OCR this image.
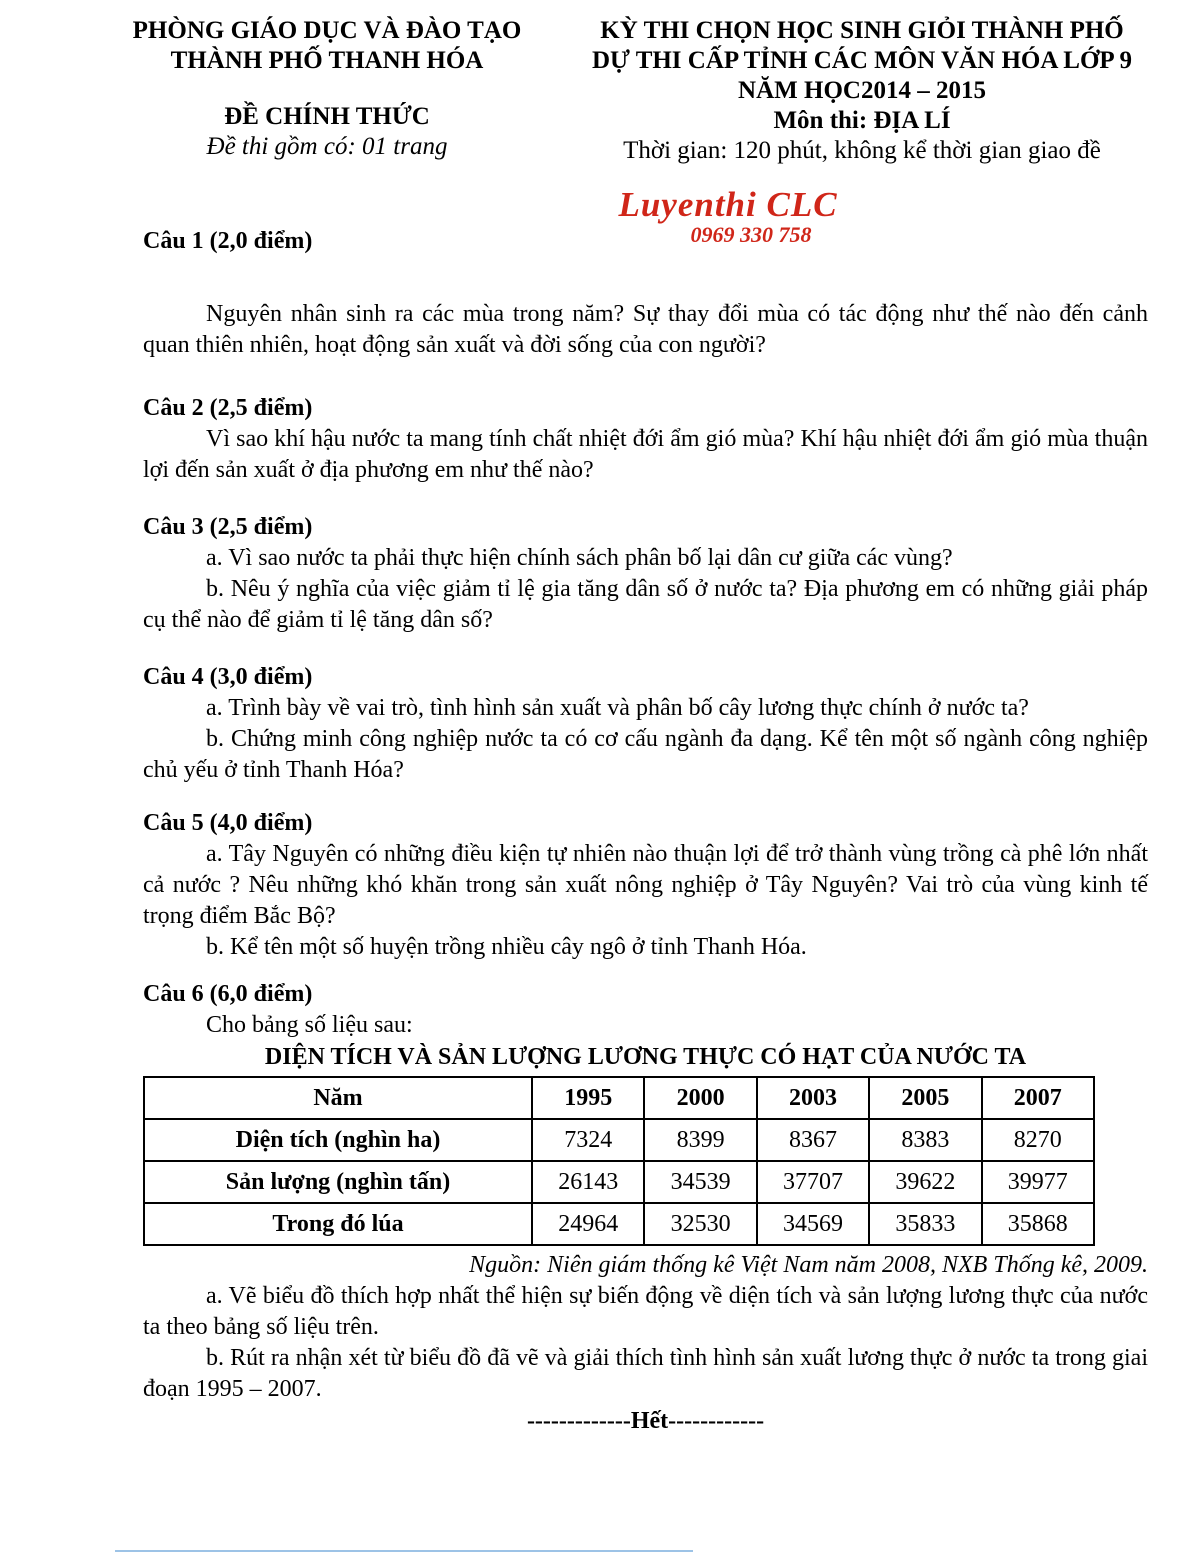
PHÒNG GIÁO DỤC VÀ ĐÀO TẠO
THÀNH PHỐ THANH HÓA
ĐỀ CHÍNH THỨC
Đề thi gồm có: 01 trang
KỲ THI CHỌN HỌC SINH GIỎI THÀNH PHỐ
DỰ THI CẤP TỈNH CÁC MÔN VĂN HÓA LỚP 9
NĂM HỌC2014 – 2015
Môn thi: ĐỊA LÍ
Thời gian: 120 phút, không kể thời gian giao đề
Luyenthi CLC
0969 330 758
Câu 1 (2,0 điểm)
Nguyên nhân sinh ra các mùa trong năm? Sự thay đổi mùa có tác động như thế nào đến cảnh quan thiên nhiên, hoạt động sản xuất và đời sống của con người?
Câu 2 (2,5 điểm)
Vì sao khí hậu nước ta mang tính chất nhiệt đới ẩm gió mùa? Khí hậu nhiệt đới ẩm gió mùa thuận lợi đến sản xuất ở địa phương em như thế nào?
Câu 3 (2,5 điểm)
a. Vì sao nước ta phải thực hiện chính sách phân bố lại dân cư giữa các vùng?
b. Nêu ý nghĩa của việc giảm tỉ lệ gia tăng dân số ở nước ta? Địa phương em có những giải pháp cụ thể nào để giảm tỉ lệ tăng dân số?
Câu 4 (3,0 điểm)
a. Trình bày về vai trò, tình hình sản xuất và phân bố cây lương thực chính ở nước ta?
b. Chứng minh công nghiệp nước ta có cơ cấu ngành đa dạng. Kể tên một số ngành công nghiệp chủ yếu ở tỉnh Thanh Hóa?
Câu 5 (4,0 điểm)
a. Tây Nguyên có những điều kiện tự nhiên nào thuận lợi để trở thành vùng trồng cà phê lớn nhất cả nước ? Nêu những khó khăn trong sản xuất nông nghiệp ở Tây Nguyên? Vai trò của vùng kinh tế trọng điểm Bắc Bộ?
b. Kể tên một số huyện trồng nhiều cây ngô ở tỉnh Thanh Hóa.
Câu 6 (6,0 điểm)
Cho bảng số liệu sau:
DIỆN TÍCH VÀ SẢN LƯỢNG LƯƠNG THỰC CÓ HẠT CỦA NƯỚC TA
Năm	1995	2000	2003	2005	2007
Diện tích (nghìn ha)	7324	8399	8367	8383	8270
Sản lượng (nghìn tấn)	26143	34539	37707	39622	39977
Trong đó lúa	24964	32530	34569	35833	35868
Nguồn: Niên giám thống kê Việt Nam năm 2008, NXB Thống kê, 2009.
a. Vẽ biểu đồ thích hợp nhất thể hiện sự biến động về diện tích và sản lượng lương thực của nước ta theo bảng số liệu trên.
b. Rút ra nhận xét từ biểu đồ đã vẽ và giải thích tình hình sản xuất lương thực ở nước ta trong giai đoạn 1995 – 2007.
-------------Hết------------
